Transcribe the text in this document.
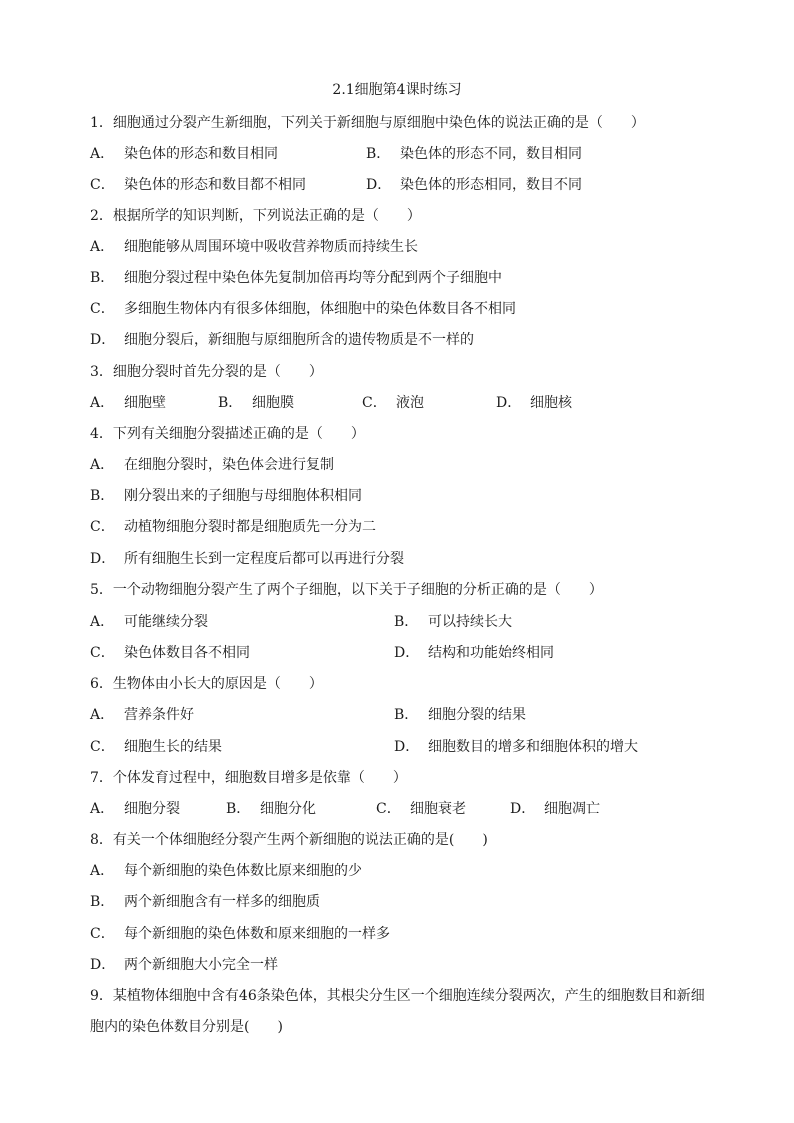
2.1细胞第4课时练习
1．细胞通过分裂产生新细胞，下列关于新细胞与原细胞中染色体的说法正确的是（　　）
A． 染色体的形态和数目相同	B． 染色体的形态不同，数目相同
C． 染色体的形态和数目都不相同	D． 染色体的形态相同，数目不同
2．根据所学的知识判断，下列说法正确的是（　　）
A． 细胞能够从周围环境中吸收营养物质而持续生长
B． 细胞分裂过程中染色体先复制加倍再均等分配到两个子细胞中
C． 多细胞生物体内有很多体细胞，体细胞中的染色体数目各不相同
D． 细胞分裂后，新细胞与原细胞所含的遗传物质是不一样的
3．细胞分裂时首先分裂的是（　　）
A． 细胞壁	B． 细胞膜	C． 液泡	D． 细胞核
4．下列有关细胞分裂描述正确的是（　　）
A． 在细胞分裂时，染色体会进行复制
B． 刚分裂出来的子细胞与母细胞体积相同
C． 动植物细胞分裂时都是细胞质先一分为二
D． 所有细胞生长到一定程度后都可以再进行分裂
5．一个动物细胞分裂产生了两个子细胞，以下关于子细胞的分析正确的是（　　）
A． 可能继续分裂	B． 可以持续长大
C． 染色体数目各不相同	D． 结构和功能始终相同
6．生物体由小长大的原因是（　　）
A． 营养条件好	B． 细胞分裂的结果
C． 细胞生长的结果	D． 细胞数目的增多和细胞体积的增大
7．个体发育过程中，细胞数目增多是依靠（　　）
A． 细胞分裂	B． 细胞分化	C． 细胞衰老	D． 细胞凋亡
8．有关一个体细胞经分裂产生两个新细胞的说法正确的是(　　)
A． 每个新细胞的染色体数比原来细胞的少
B． 两个新细胞含有一样多的细胞质
C． 每个新细胞的染色体数和原来细胞的一样多
D． 两个新细胞大小完全一样
9．某植物体细胞中含有46条染色体，其根尖分生区一个细胞连续分裂两次，产生的细胞数目和新细
胞内的染色体数目分别是(　　)
